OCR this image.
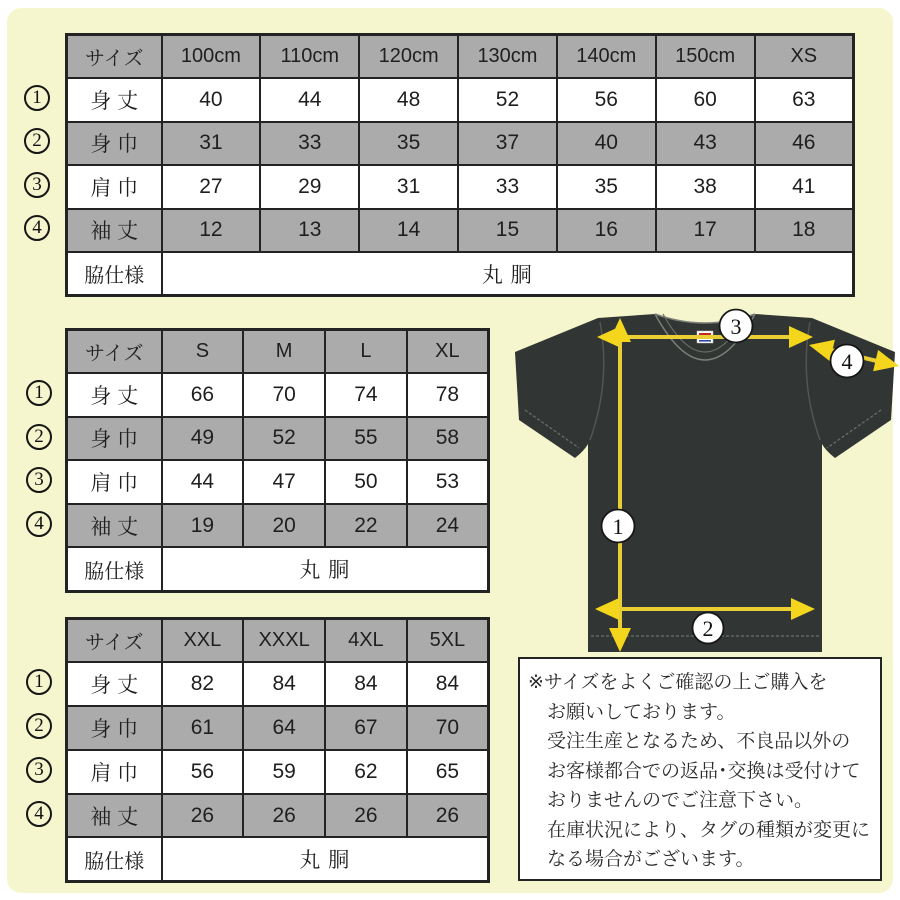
サイズ	100cm	110cm	120cm	130cm	140cm	150cm	XS
身 丈	40	44	48	52	56	60	63
身 巾	31	33	35	37	40	43	46
肩 巾	27	29	31	33	35	38	41
袖 丈	12	13	14	15	16	17	18
脇仕様	丸 胴						
1
2
3
4
サイズ	S	M	L	XL
身 丈	66	70	74	78
身 巾	49	52	55	58
肩 巾	44	47	50	53
袖 丈	19	20	22	24
脇仕様	丸 胴			
1
2
3
4
サイズ	XXL	XXXL	4XL	5XL
身 丈	82	84	84	84
身 巾	61	64	67	70
肩 巾	56	59	62	65
袖 丈	26	26	26	26
脇仕様	丸 胴			
1
2
3
4
3
4
1
2
※サイズをよくご確認の上ご購入を
お願いしております。
受注生産となるため、不良品以外の
お客様都合での返品･交換は受付けて
おりませんのでご注意下さい。
在庫状況により、タグの種類が変更に
なる場合がございます。
